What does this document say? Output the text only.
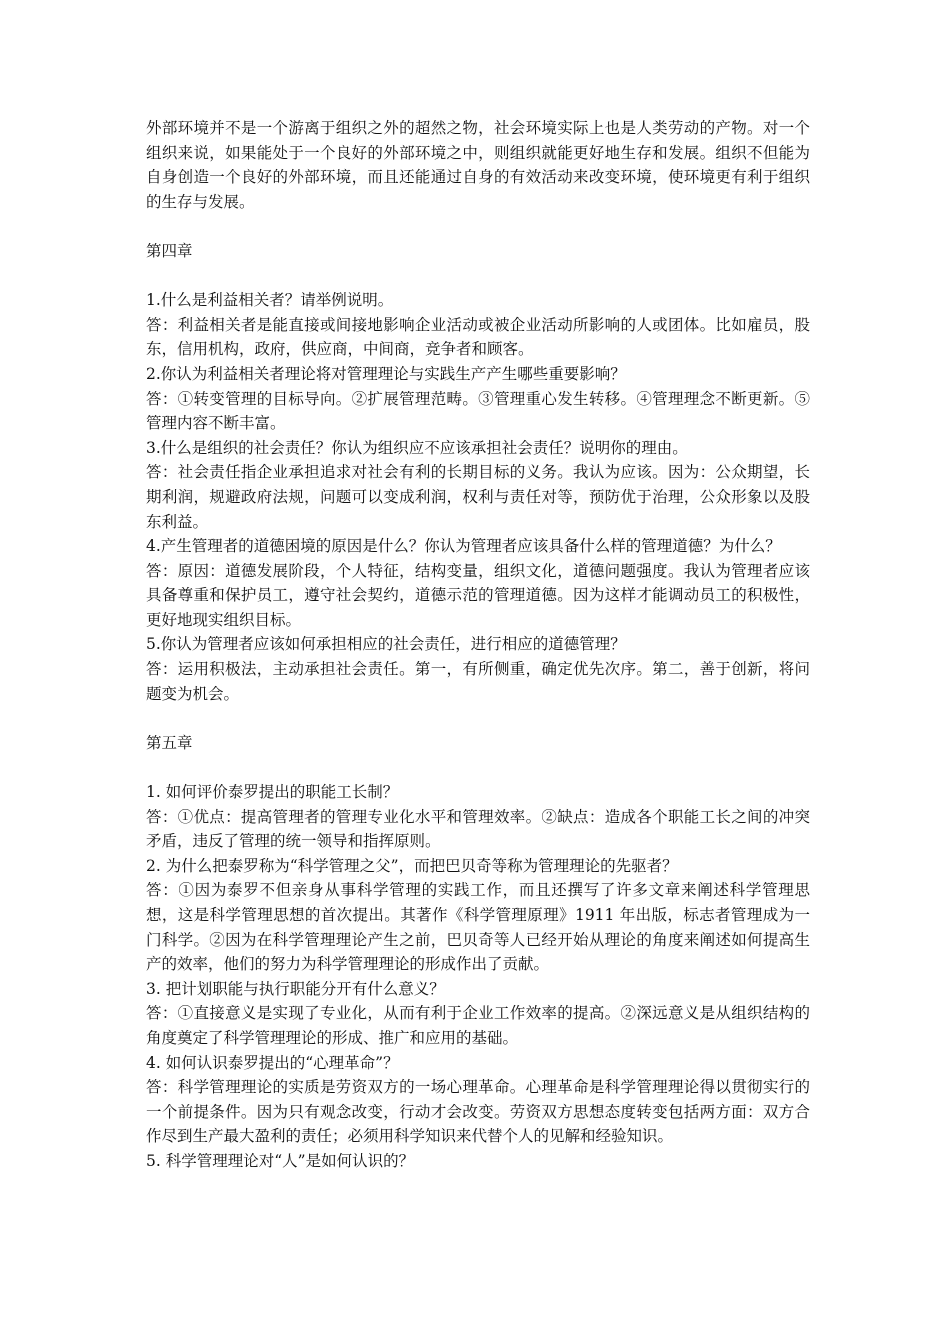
外部环境并不是一个游离于组织之外的超然之物，社会环境实际上也是人类劳动的产物。对一个组织来说，如果能处于一个良好的外部环境之中，则组织就能更好地生存和发展。组织不但能为自身创造一个良好的外部环境，而且还能通过自身的有效活动来改变环境，使环境更有利于组织的生存与发展。

第四章

1.什么是利益相关者？请举例说明。

答：利益相关者是能直接或间接地影响企业活动或被企业活动所影响的人或团体。比如雇员，股东，信用机构，政府，供应商，中间商，竞争者和顾客。

2.你认为利益相关者理论将对管理理论与实践生产产生哪些重要影响？

答：①转变管理的目标导向。②扩展管理范畴。③管理重心发生转移。④管理理念不断更新。⑤管理内容不断丰富。

3.什么是组织的社会责任？你认为组织应不应该承担社会责任？说明你的理由。

答：社会责任指企业承担追求对社会有利的长期目标的义务。我认为应该。因为：公众期望，长期利润，规避政府法规，问题可以变成利润，权利与责任对等，预防优于治理，公众形象以及股东利益。

4.产生管理者的道德困境的原因是什么？你认为管理者应该具备什么样的管理道德？为什么？

答：原因：道德发展阶段，个人特征，结构变量，组织文化，道德问题强度。我认为管理者应该具备尊重和保护员工，遵守社会契约，道德示范的管理道德。因为这样才能调动员工的积极性，更好地现实组织目标。

5.你认为管理者应该如何承担相应的社会责任，进行相应的道德管理？

答：运用积极法，主动承担社会责任。第一，有所侧重，确定优先次序。第二，善于创新，将问题变为机会。

第五章

1. 如何评价泰罗提出的职能工长制？

答：①优点：提高管理者的管理专业化水平和管理效率。②缺点：造成各个职能工长之间的冲突矛盾，违反了管理的统一领导和指挥原则。

2. 为什么把泰罗称为“科学管理之父”，而把巴贝奇等称为管理理论的先驱者？

答：①因为泰罗不但亲身从事科学管理的实践工作，而且还撰写了许多文章来阐述科学管理思想，这是科学管理思想的首次提出。其著作《科学管理原理》1911 年出版，标志者管理成为一门科学。②因为在科学管理理论产生之前，巴贝奇等人已经开始从理论的角度来阐述如何提高生产的效率，他们的努力为科学管理理论的形成作出了贡献。

3. 把计划职能与执行职能分开有什么意义？

答：①直接意义是实现了专业化，从而有利于企业工作效率的提高。②深远意义是从组织结构的角度奠定了科学管理理论的形成、推广和应用的基础。

4. 如何认识泰罗提出的“心理革命”？

答：科学管理理论的实质是劳资双方的一场心理革命。心理革命是科学管理理论得以贯彻实行的一个前提条件。因为只有观念改变，行动才会改变。劳资双方思想态度转变包括两方面：双方合作尽到生产最大盈利的责任；必须用科学知识来代替个人的见解和经验知识。

5. 科学管理理论对“人”是如何认识的？
